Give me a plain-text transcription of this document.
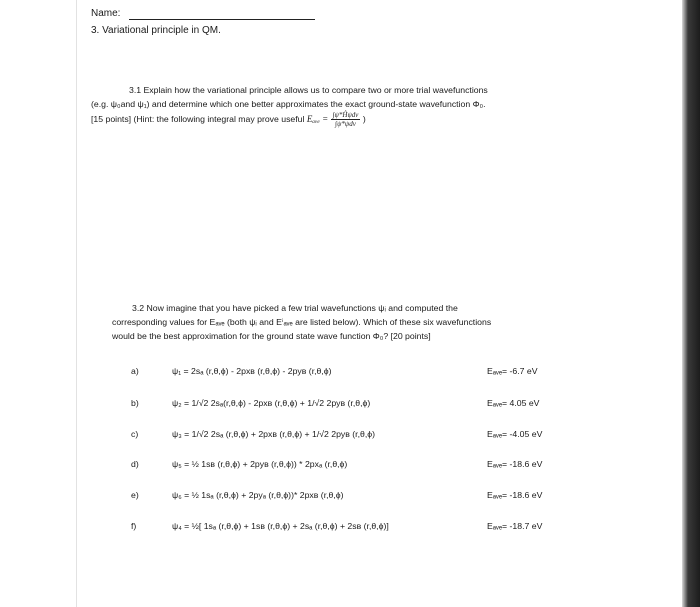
Name:
3. Variational principle in QM.
3.1 Explain how the variational principle allows us to compare two or more trial wavefunctions
(e.g. ψ₀and ψ₁) and determine which one better approximates the exact ground-state wavefunction Φ₀.
[15 points] (Hint: the following integral may prove useful Eₐᵥₑ = $\frac{\text{∫ψ*Ĥψdv}}{\text{∫ψ*ψdv}}$ )
3.2 Now imagine that you have picked a few trial wavefunctions ψᵢ and computed the
corresponding values for Eₐᵥₑ (both ψᵢ and Eⁱₐᵥₑ are listed below). Which of these six wavefunctions
would be the best approximation for the ground state wave function Φ₀? [20 points]
a)	ψ₁ = 2sₐ (r,θ,ϕ) - 2pxʙ (r,θ,ϕ) - 2pyʙ (r,θ,ϕ)	Eₐᵥₑ= -6.7 eV
b)	ψ₂ = 1/√2 2sₐ(r,θ,ϕ) - 2pxʙ (r,θ,ϕ) + 1/√2 2pyʙ (r,θ,ϕ)	Eₐᵥₑ= 4.05 eV
c)	ψ₃ = 1/√2 2sₐ (r,θ,ϕ) + 2pxʙ (r,θ,ϕ) + 1/√2 2pyʙ (r,θ,ϕ)	Eₐᵥₑ= -4.05 eV
d)	ψ₅ = ½ 1sʙ (r,θ,ϕ) + 2pyʙ (r,θ,ϕ)) * 2pxₐ (r,θ,ϕ)	Eₐᵥₑ= -18.6 eV
e)	ψ₆ = ½ 1sₐ (r,θ,ϕ) + 2pyₐ (r,θ,ϕ))* 2pxʙ (r,θ,ϕ)	Eₐᵥₑ= -18.6 eV
f)	ψ₄ = ½[ 1sₐ (r,θ,ϕ) + 1sʙ (r,θ,ϕ) + 2sₐ (r,θ,ϕ) + 2sʙ (r,θ,ϕ)]	Eₐᵥₑ= -18.7 eV
